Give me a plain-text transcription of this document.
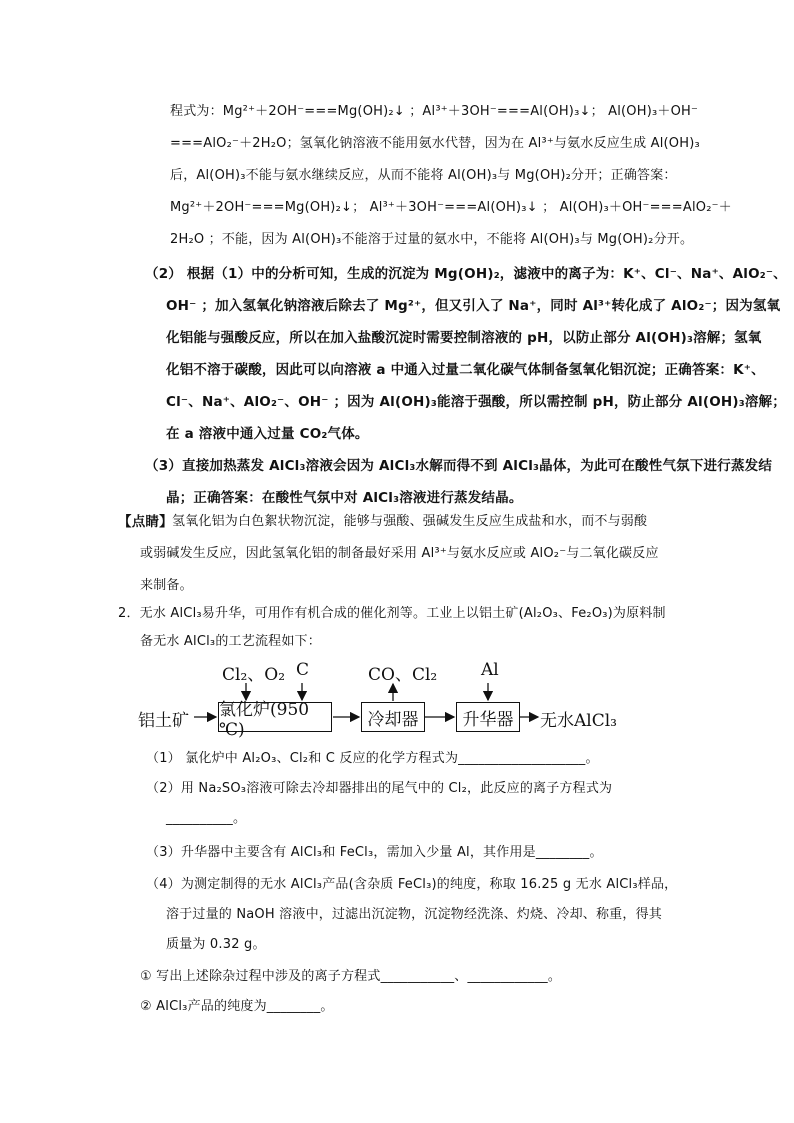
程式为：Mg²⁺＋2OH⁻===Mg(OH)₂↓ ；Al³⁺＋3OH⁻===Al(OH)₃↓； Al(OH)₃＋OH⁻
===AlO₂⁻＋2H₂O；氢氧化钠溶液不能用氨水代替，因为在 Al³⁺与氨水反应生成 Al(OH)₃
后，Al(OH)₃不能与氨水继续反应，从而不能将 Al(OH)₃与 Mg(OH)₂分开；正确答案：
Mg²⁺＋2OH⁻===Mg(OH)₂↓； Al³⁺＋3OH⁻===Al(OH)₃↓ ； Al(OH)₃＋OH⁻===AlO₂⁻＋
2H₂O ；不能，因为 Al(OH)₃不能溶于过量的氨水中，不能将 Al(OH)₃与 Mg(OH)₂分开。
（2） 根据（1）中的分析可知，生成的沉淀为 Mg(OH)₂，滤液中的离子为：K⁺、Cl⁻、Na⁺、AlO₂⁻、
OH⁻ ；加入氢氧化钠溶液后除去了 Mg²⁺，但又引入了 Na⁺，同时 Al³⁺转化成了 AlO₂⁻；因为氢氧
化铝能与强酸反应，所以在加入盐酸沉淀时需要控制溶液的 pH，以防止部分 Al(OH)₃溶解；氢氧
化铝不溶于碳酸，因此可以向溶液 a 中通入过量二氧化碳气体制备氢氧化铝沉淀；正确答案：K⁺、
Cl⁻、Na⁺、AlO₂⁻、OH⁻ ；因为 Al(OH)₃能溶于强酸，所以需控制 pH，防止部分 Al(OH)₃溶解；
在 a 溶液中通入过量 CO₂气体。
（3）直接加热蒸发 AlCl₃溶液会因为 AlCl₃水解而得不到 AlCl₃晶体，为此可在酸性气氛下进行蒸发结
晶；正确答案：在酸性气氛中对 AlCl₃溶液进行蒸发结晶。
【点睛】 氢氧化铝为白色絮状物沉淀，能够与强酸、强碱发生反应生成盐和水，而不与弱酸
或弱碱发生反应，因此氢氧化铝的制备最好采用 Al³⁺与氨水反应或 AlO₂⁻与二氧化碳反应
来制备。
2．无水 AlCl₃易升华，可用作有机合成的催化剂等。工业上以铝土矿(Al₂O₃、Fe₂O₃)为原料制
备无水 AlCl₃的工艺流程如下：
铝土矿
Cl₂、O₂ C
氯化炉(950 ℃)
CO、Cl₂
冷却器
Al
升华器	无水AlCl₃
（1） 氯化炉中 Al₂O₃、Cl₂和 C 反应的化学方程式为___________________。
（2）用 Na₂SO₃溶液可除去冷却器排出的尾气中的 Cl₂，此反应的离子方程式为
__________。
（3）升华器中主要含有 AlCl₃和 FeCl₃，需加入少量 Al，其作用是________。
（4）为测定制得的无水 AlCl₃产品(含杂质 FeCl₃)的纯度，称取 16.25 g 无水 AlCl₃样品，
溶于过量的 NaOH 溶液中，过滤出沉淀物，沉淀物经洗涤、灼烧、冷却、称重，得其
质量为 0.32 g。
① 写出上述除杂过程中涉及的离子方程式___________、____________。
② AlCl₃产品的纯度为________。
